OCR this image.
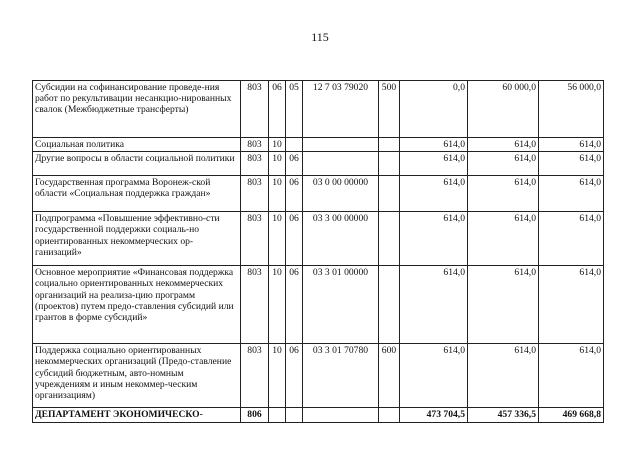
115
Субсидии на софинансирование проведе-ния работ по рекультивации несанкцио-нированных свалок (Межбюджетные трансферты)	803	06	05	12 7 03 79020	500	0,0	60 000,0	56 000,0
Социальная политика	803	10				614,0	614,0	614,0
Другие вопросы в области социальной политики	803	10	06			614,0	614,0	614,0
Государственная программа Воронеж-ской области «Социальная поддержка граждан»	803	10	06	03 0 00 00000		614,0	614,0	614,0
Подпрограмма «Повышение эффективно-сти государственной поддержки социаль-но ориентированных некоммерческих ор-ганизаций»	803	10	06	03 3 00 00000		614,0	614,0	614,0
Основное мероприятие «Финансовая поддержка социально ориентированных некоммерческих организаций на реализа-цию программ (проектов) путем предо-ставления субсидий или грантов в форме субсидий»	803	10	06	03 3 01 00000		614,0	614,0	614,0
Поддержка социально ориентированных некоммерческих организаций (Предо-ставление субсидий бюджетным, авто-номным учреждениям и иным некоммер-ческим организациям)	803	10	06	03 3 01 70780	600	614,0	614,0	614,0
ДЕПАРТАМЕНТ ЭКОНОМИЧЕСКО-	806					473 704,5	457 336,5	469 668,8
